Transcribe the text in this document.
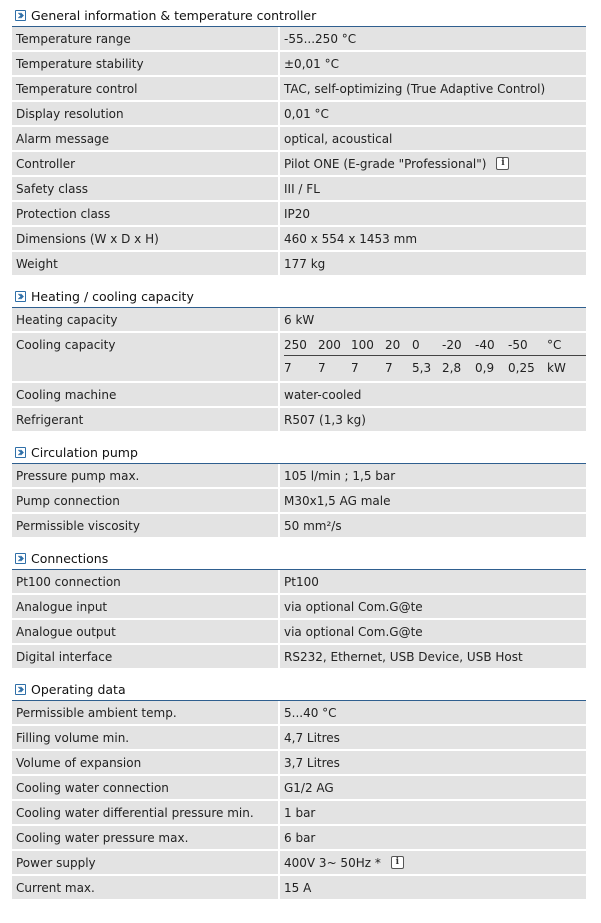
General information & temperature controller
Temperature range	-55...250 °C
Temperature stability	±0,01 °C
Temperature control	TAC, self-optimizing (True Adaptive Control)
Display resolution	0,01 °C
Alarm message	optical, acoustical
Controller	Pilot ONE (E-grade "Professional")	i
Safety class	III / FL
Protection class	IP20
Dimensions (W x D x H)	460 x 554 x 1453 mm
Weight	177 kg
Heating / cooling capacity
Heating capacity	6 kW
Cooling capacity	250 200 100 20 0 -20 -40 -50 °C
7 7 7 7 5,3 2,8 0,9 0,25 kW
Cooling machine	water-cooled
Refrigerant	R507 (1,3 kg)
Circulation pump
Pressure pump max.	105 l/min ; 1,5 bar
Pump connection	M30x1,5 AG male
Permissible viscosity	50 mm²/s
Connections
Pt100 connection	Pt100
Analogue input	via optional Com.G@te
Analogue output	via optional Com.G@te
Digital interface	RS232, Ethernet, USB Device, USB Host
Operating data
Permissible ambient temp.	5...40 °C
Filling volume min.	4,7 Litres
Volume of expansion	3,7 Litres
Cooling water connection	G1/2 AG
Cooling water differential pressure min.	1 bar
Cooling water pressure max.	6 bar
Power supply	400V 3~ 50Hz *	i
Current max.	15 A
